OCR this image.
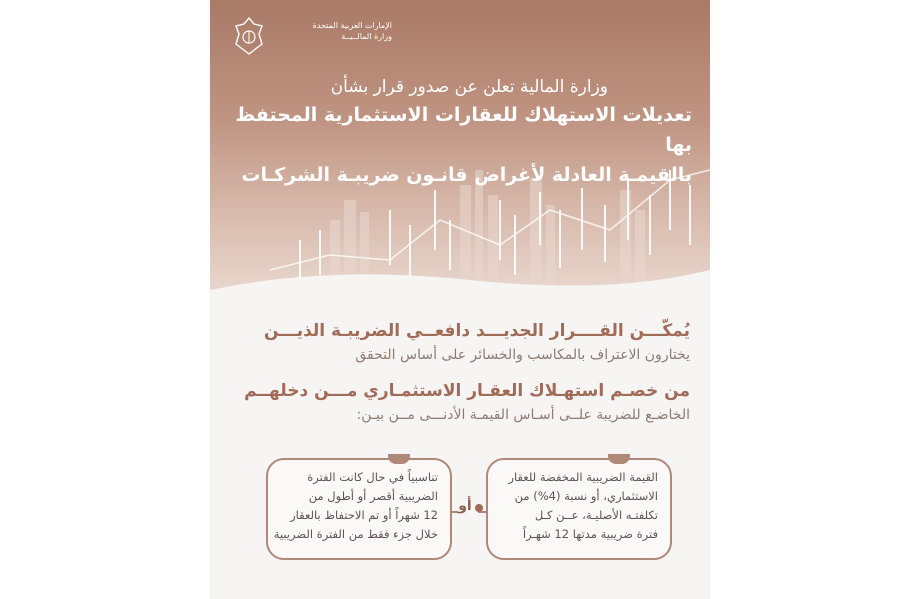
الإمارات العربية المتحدة
وزارة المالــيــة
وزارة المالية تعلن عن صدور قرار بشأن
تعديلات الاستهلاك للعقارات الاستثمارية المحتفظ بها
بالقيمـة العادلة لأغراض قانـون ضريبـة الشركـات
يُمكّـــن القــــرار الجديـــد دافعــي الضريبـة الذيـــن
يختارون الاعتراف بالمكاسب والخسائر على أساس التحقق
من خصـم استهـلاك العقـار الاستثمـاري مـــن دخلهــم
الخاضـع للضريبة علــى أسـاس القيمـة الأدنـــى مــن بيـن:
القيمة الضريبية المخفضة للعقار
الاستثماري، أو نسبة (4%) من
تكلفتـه الأصليـة، عــن كـل
فترة ضريبية مدتها 12 شهـراً
أو
تناسبياً في حال كانت الفترة
الضريبية أقصر أو أطول من
12 شهراً أو تم الاحتفاظ بالعقار
خلال جزء فقط من الفترة الضريبية
